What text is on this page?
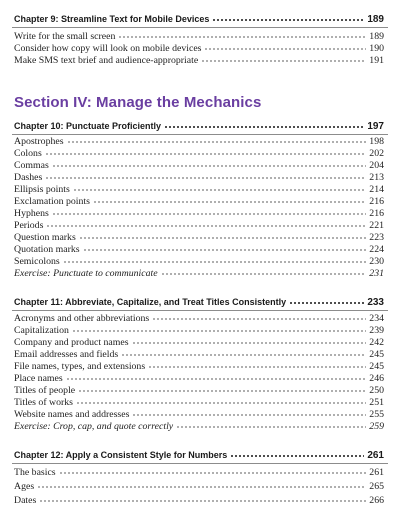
Chapter 9: Streamline Text for Mobile Devices	189
Write for the small screen	189
Consider how copy will look on mobile devices	190
Make SMS text brief and audience-appropriate	191
Section IV: Manage the Mechanics
Chapter 10: Punctuate Proficiently	197
Apostrophes	198
Colons	202
Commas	204
Dashes	213
Ellipsis points	214
Exclamation points	216
Hyphens	216
Periods	221
Question marks	223
Quotation marks	224
Semicolons	230
Exercise: Punctuate to communicate	231
Chapter 11: Abbreviate, Capitalize, and Treat Titles Consistently	233
Acronyms and other abbreviations	234
Capitalization	239
Company and product names	242
Email addresses and fields	245
File names, types, and extensions	245
Place names	246
Titles of people	250
Titles of works	251
Website names and addresses	255
Exercise: Crop, cap, and quote correctly	259
Chapter 12: Apply a Consistent Style for Numbers	261
The basics	261
Ages	265
Dates	266
